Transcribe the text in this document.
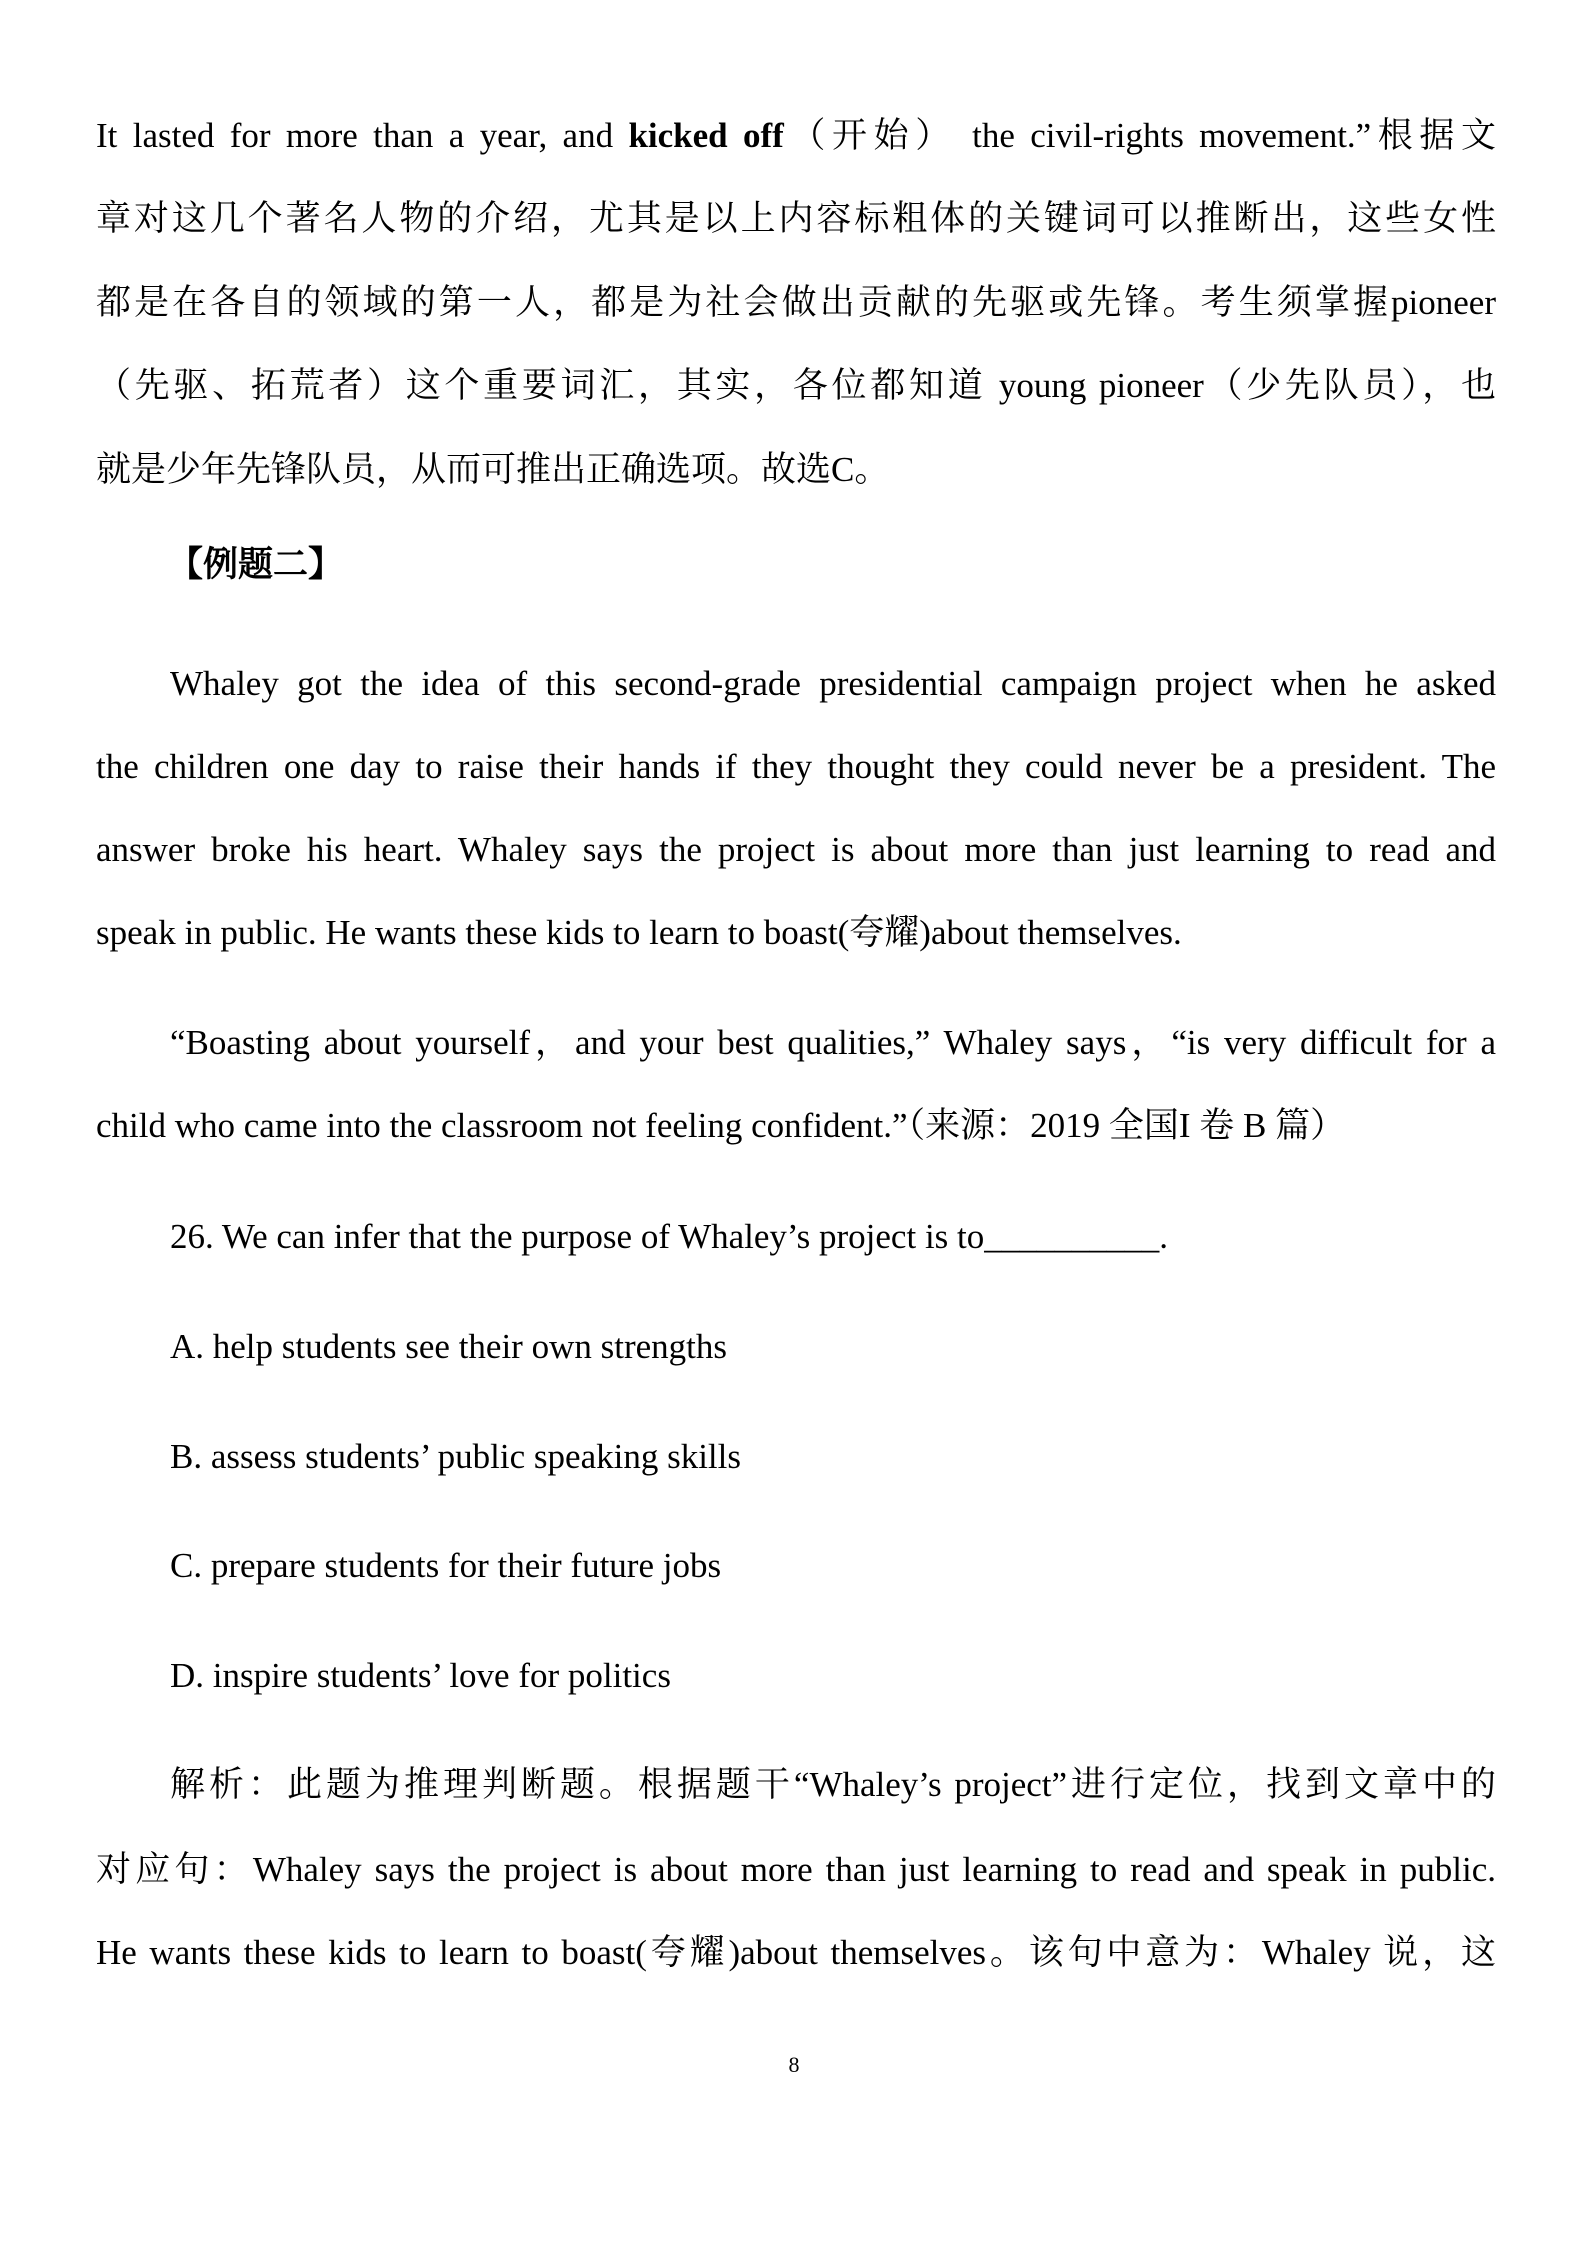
It lasted for more than a year, and kicked off（开始） the civil-rights movement.”根据文
章对这几个著名人物的介绍，尤其是以上内容标粗体的关键词可以推断出，这些女性
都是在各自的领域的第一人，都是为社会做出贡献的先驱或先锋。考生须掌握pioneer
（先驱、拓荒者）这个重要词汇，其实，各位都知道 young pioneer（少先队员），也
就是少年先锋队员，从而可推出正确选项。故选C。
【例题二】
Whaley got the idea of this second-grade presidential campaign project when he asked
the children one day to raise their hands if they thought they could never be a president. The
answer broke his heart. Whaley says the project is about more than just learning to read and
speak in public. He wants these kids to learn to boast(夸耀)about themselves.
“Boasting about yourself，and your best qualities,” Whaley says，“is very difficult for a
child who came into the classroom not feeling confident.”（来源：2019 全国I 卷 B 篇）
26. We can infer that the purpose of Whaley’s project is to__________.
A. help students see their own strengths
B. assess students’ public speaking skills
C. prepare students for their future jobs
D. inspire students’ love for politics
解析：此题为推理判断题。根据题干“Whaley’s project”进行定位，找到文章中的
对应句：Whaley says the project is about more than just learning to read and speak in public.
He wants these kids to learn to boast(夸耀)about themselves。该句中意为：Whaley 说，这
8
